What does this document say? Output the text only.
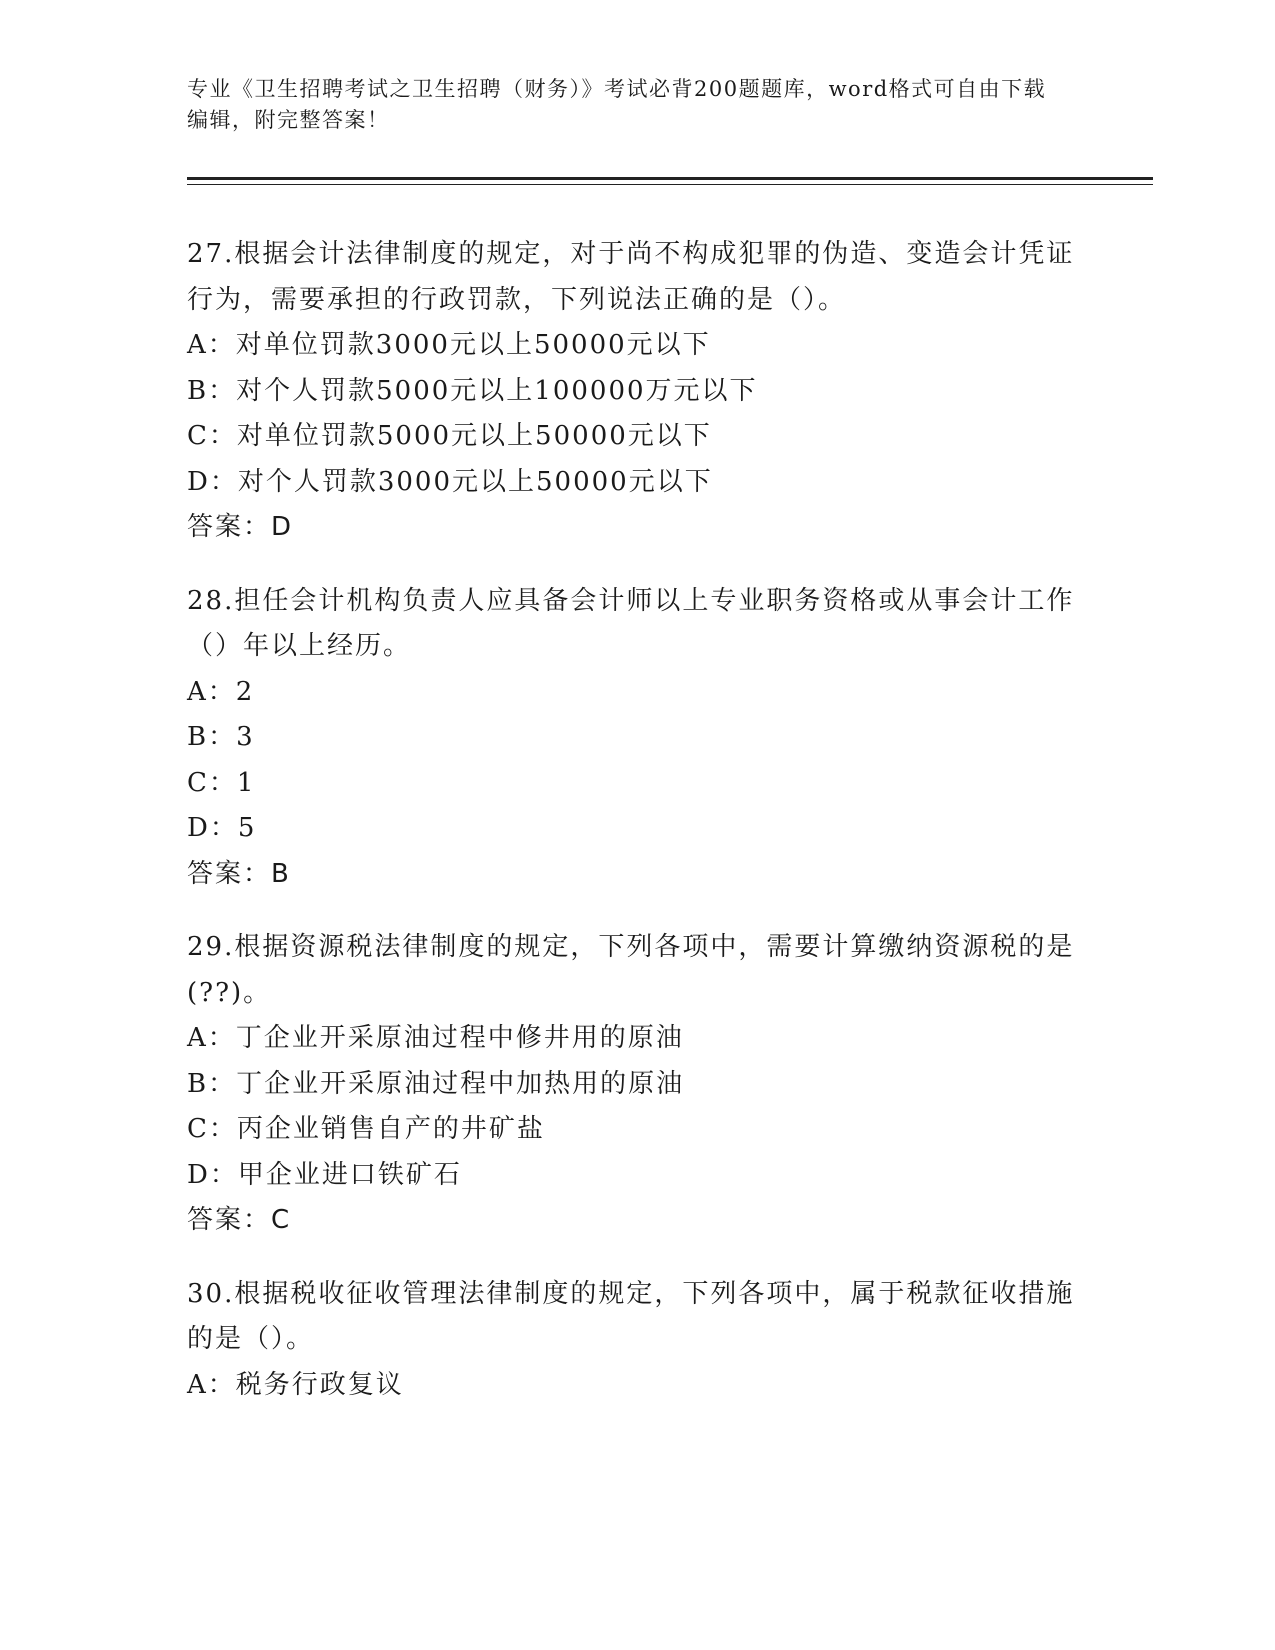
专业《卫生招聘考试之卫生招聘（财务）》考试必背200题题库，word格式可自由下载编辑，附完整答案！
27.根据会计法律制度的规定，对于尚不构成犯罪的伪造、变造会计凭证行为，需要承担的行政罚款，下列说法正确的是（）。
A：对单位罚款3000元以上50000元以下
B：对个人罚款5000元以上100000万元以下
C：对单位罚款5000元以上50000元以下
D：对个人罚款3000元以上50000元以下
答案：D
28.担任会计机构负责人应具备会计师以上专业职务资格或从事会计工作（）年以上经历。
A：2
B：3
C：1
D：5
答案：B
29.根据资源税法律制度的规定，下列各项中，需要计算缴纳资源税的是(??)。
A：丁企业开采原油过程中修井用的原油
B：丁企业开采原油过程中加热用的原油
C：丙企业销售自产的井矿盐
D：甲企业进口铁矿石
答案：C
30.根据税收征收管理法律制度的规定，下列各项中，属于税款征收措施的是（）。
A：税务行政复议
